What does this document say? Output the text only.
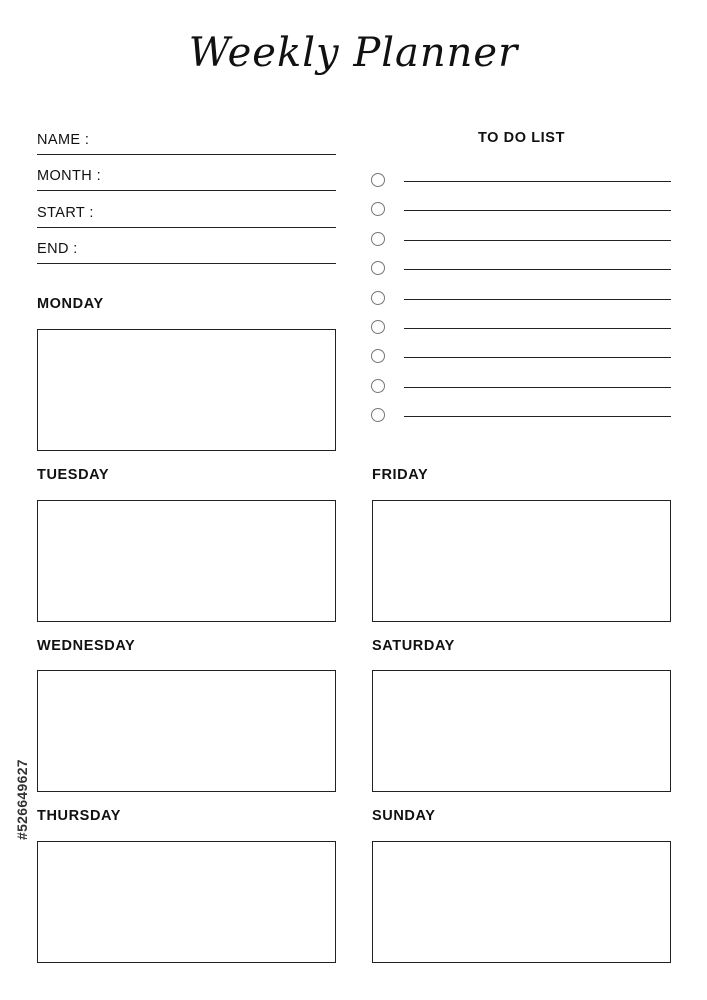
Weekly Planner
NAME :
MONTH :
START :
END :
TO DO LIST
MONDAY
TUESDAY
WEDNESDAY
THURSDAY
FRIDAY
SATURDAY
SUNDAY
#526649627
